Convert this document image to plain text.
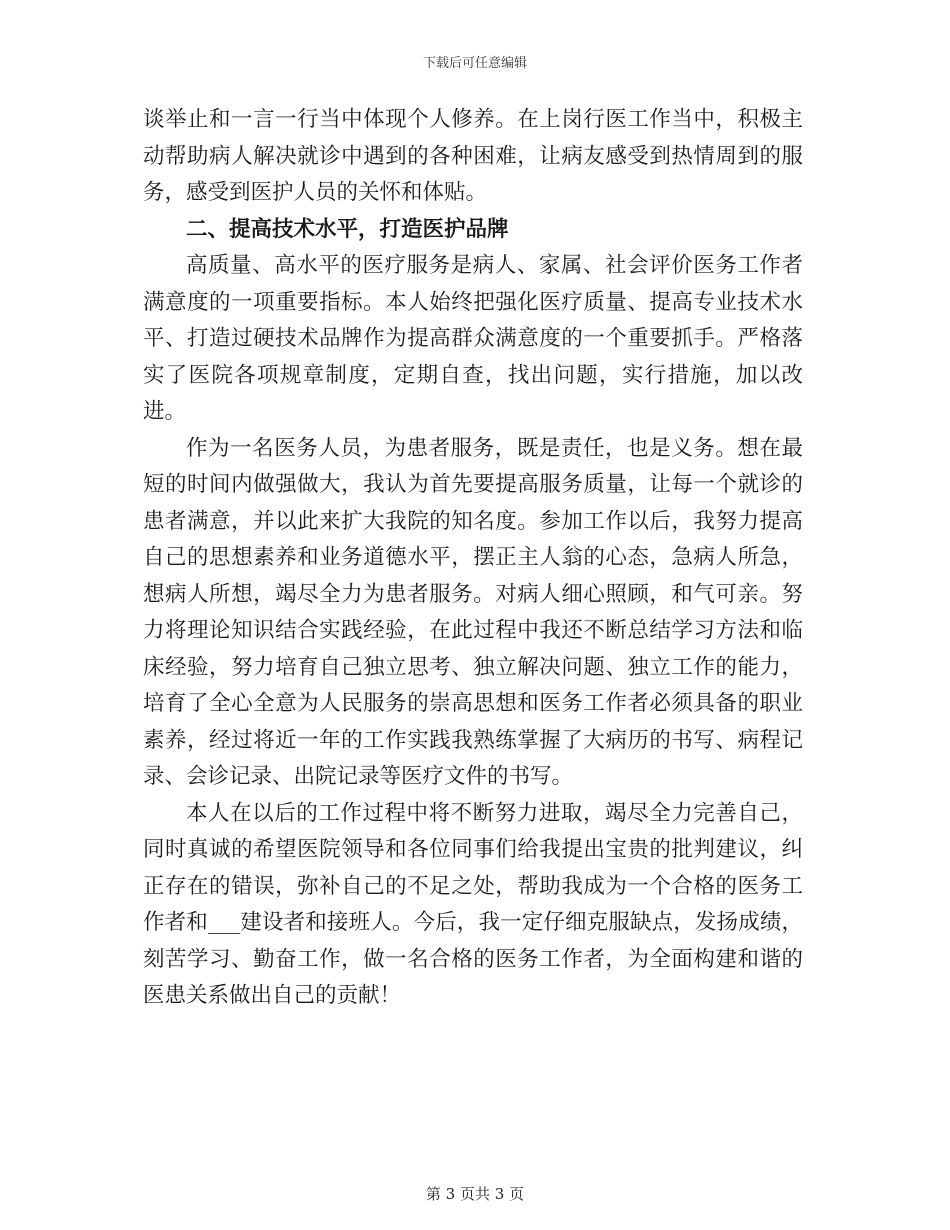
下载后可任意编辑

谈举止和一言一行当中体现个人修养。在上岗行医工作当中，积极主动帮助病人解决就诊中遇到的各种困难，让病友感受到热情周到的服务，感受到医护人员的关怀和体贴。

二、提高技术水平，打造医护品牌

高质量、高水平的医疗服务是病人、家属、社会评价医务工作者满意度的一项重要指标。本人始终把强化医疗质量、提高专业技术水平、打造过硬技术品牌作为提高群众满意度的一个重要抓手。严格落实了医院各项规章制度，定期自查，找出问题，实行措施，加以改进。

作为一名医务人员，为患者服务，既是责任，也是义务。想在最短的时间内做强做大，我认为首先要提高服务质量，让每一个就诊的患者满意，并以此来扩大我院的知名度。参加工作以后，我努力提高自己的思想素养和业务道德水平，摆正主人翁的心态，急病人所急，想病人所想，竭尽全力为患者服务。对病人细心照顾，和气可亲。努力将理论知识结合实践经验，在此过程中我还不断总结学习方法和临床经验，努力培育自己独立思考、独立解决问题、独立工作的能力，培育了全心全意为人民服务的崇高思想和医务工作者必须具备的职业素养，经过将近一年的工作实践我熟练掌握了大病历的书写、病程记录、会诊记录、出院记录等医疗文件的书写。

本人在以后的工作过程中将不断努力进取，竭尽全力完善自己，同时真诚的希望医院领导和各位同事们给我提出宝贵的批判建议，纠正存在的错误，弥补自己的不足之处，帮助我成为一个合格的医务工作者和___建设者和接班人。今后，我一定仔细克服缺点，发扬成绩，刻苦学习、勤奋工作，做一名合格的医务工作者，为全面构建和谐的医患关系做出自己的贡献！

第 3 页共 3 页
